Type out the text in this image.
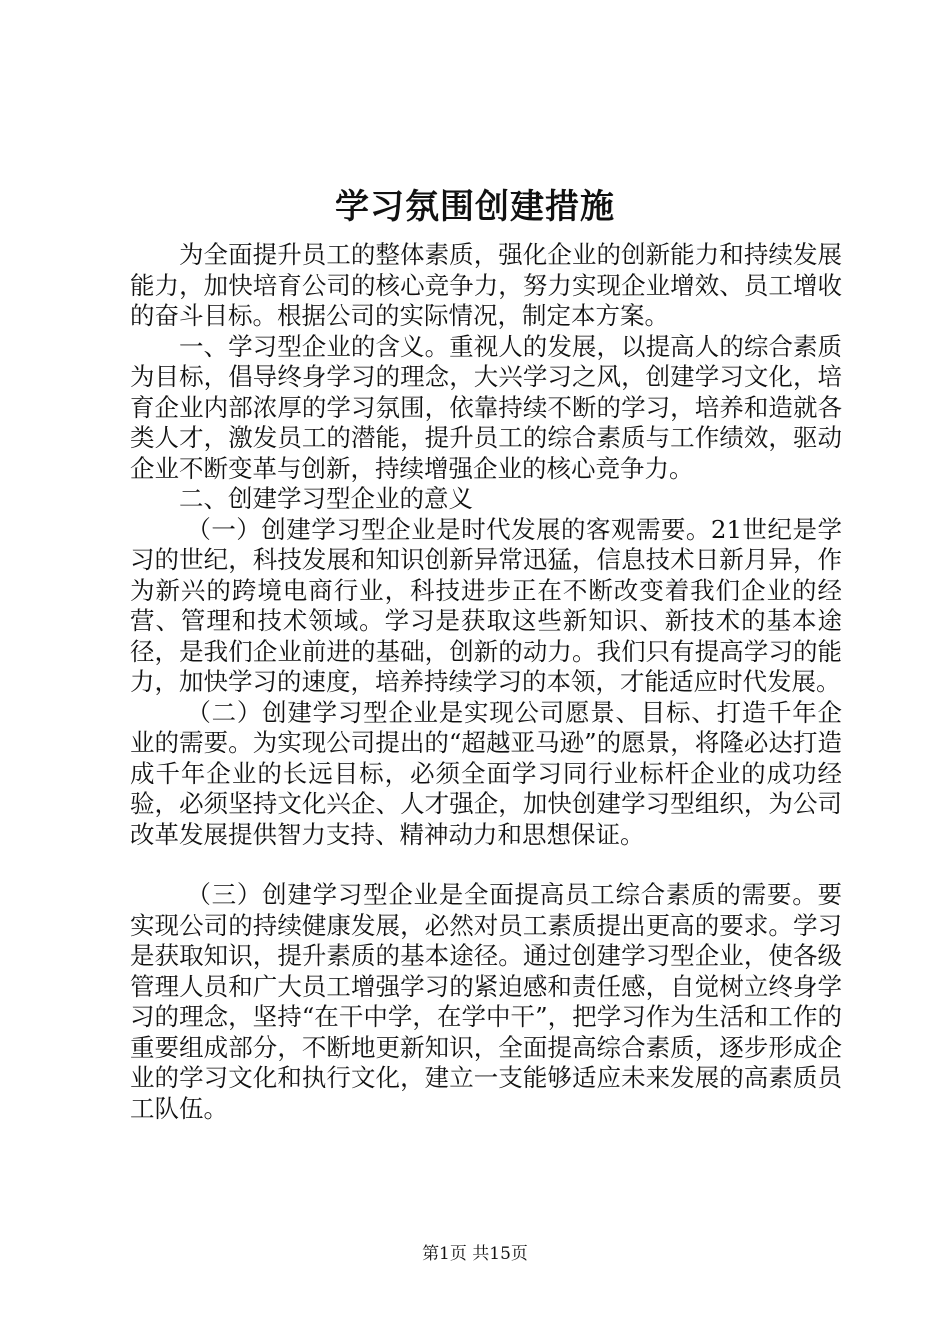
学习氛围创建措施

为全面提升员工的整体素质，强化企业的创新能力和持续发展能力，加快培育公司的核心竞争力，努力实现企业增效、员工增收的奋斗目标。根据公司的实际情况，制定本方案。

一、学习型企业的含义。重视人的发展，以提高人的综合素质为目标，倡导终身学习的理念，大兴学习之风，创建学习文化，培育企业内部浓厚的学习氛围，依靠持续不断的学习，培养和造就各类人才，激发员工的潜能，提升员工的综合素质与工作绩效，驱动企业不断变革与创新，持续增强企业的核心竞争力。

二、创建学习型企业的意义

（一）创建学习型企业是时代发展的客观需要。21世纪是学习的世纪，科技发展和知识创新异常迅猛，信息技术日新月异，作为新兴的跨境电商行业，科技进步正在不断改变着我们企业的经营、管理和技术领域。学习是获取这些新知识、新技术的基本途径，是我们企业前进的基础，创新的动力。我们只有提高学习的能力，加快学习的速度，培养持续学习的本领，才能适应时代发展。

（二）创建学习型企业是实现公司愿景、目标、打造千年企业的需要。为实现公司提出的“超越亚马逊”的愿景，将隆必达打造成千年企业的长远目标，必须全面学习同行业标杆企业的成功经验，必须坚持文化兴企、人才强企，加快创建学习型组织，为公司改革发展提供智力支持、精神动力和思想保证。

（三）创建学习型企业是全面提高员工综合素质的需要。要实现公司的持续健康发展，必然对员工素质提出更高的要求。学习是获取知识，提升素质的基本途径。通过创建学习型企业，使各级管理人员和广大员工增强学习的紧迫感和责任感，自觉树立终身学习的理念，坚持“在干中学，在学中干”，把学习作为生活和工作的重要组成部分，不断地更新知识，全面提高综合素质，逐步形成企业的学习文化和执行文化，建立一支能够适应未来发展的高素质员工队伍。

第1页 共15页
